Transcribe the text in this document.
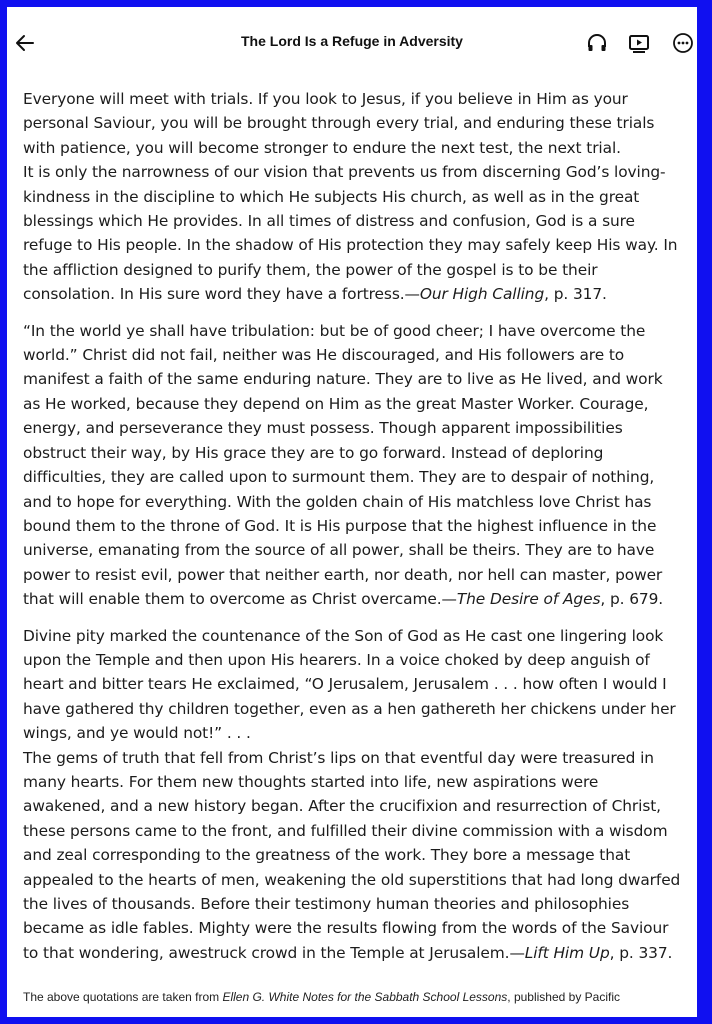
The Lord Is a Refuge in Adversity

Everyone will meet with trials. If you look to Jesus, if you believe in Him as your personal Saviour, you will be brought through every trial, and enduring these trials with patience, you will become stronger to endure the next test, the next trial.
It is only the narrowness of our vision that prevents us from discerning God’s loving-kindness in the discipline to which He subjects His church, as well as in the great blessings which He provides. In all times of distress and confusion, God is a sure refuge to His people. In the shadow of His protection they may safely keep His way. In the affliction designed to purify them, the power of the gospel is to be their consolation. In His sure word they have a fortress.—Our High Calling, p. 317.

“In the world ye shall have tribulation: but be of good cheer; I have overcome the world.” Christ did not fail, neither was He discouraged, and His followers are to manifest a faith of the same enduring nature. They are to live as He lived, and work as He worked, because they depend on Him as the great Master Worker. Courage, energy, and perseverance they must possess. Though apparent impossibilities obstruct their way, by His grace they are to go forward. Instead of deploring difficulties, they are called upon to surmount them. They are to despair of nothing, and to hope for everything. With the golden chain of His matchless love Christ has bound them to the throne of God. It is His purpose that the highest influence in the universe, emanating from the source of all power, shall be theirs. They are to have power to resist evil, power that neither earth, nor death, nor hell can master, power that will enable them to overcome as Christ overcame.—The Desire of Ages, p. 679.

Divine pity marked the countenance of the Son of God as He cast one lingering look upon the Temple and then upon His hearers. In a voice choked by deep anguish of heart and bitter tears He exclaimed, “O Jerusalem, Jerusalem . . . how often I would I have gathered thy children together, even as a hen gathereth her chickens under her wings, and ye would not!” . . .
The gems of truth that fell from Christ’s lips on that eventful day were treasured in many hearts. For them new thoughts started into life, new aspirations were awakened, and a new history began. After the crucifixion and resurrection of Christ, these persons came to the front, and fulfilled their divine commission with a wisdom and zeal corresponding to the greatness of the work. They bore a message that appealed to the hearts of men, weakening the old superstitions that had long dwarfed the lives of thousands. Before their testimony human theories and philosophies became as idle fables. Mighty were the results flowing from the words of the Saviour to that wondering, awestruck crowd in the Temple at Jerusalem.—Lift Him Up, p. 337.

The above quotations are taken from Ellen G. White Notes for the Sabbath School Lessons, published by Pacific
